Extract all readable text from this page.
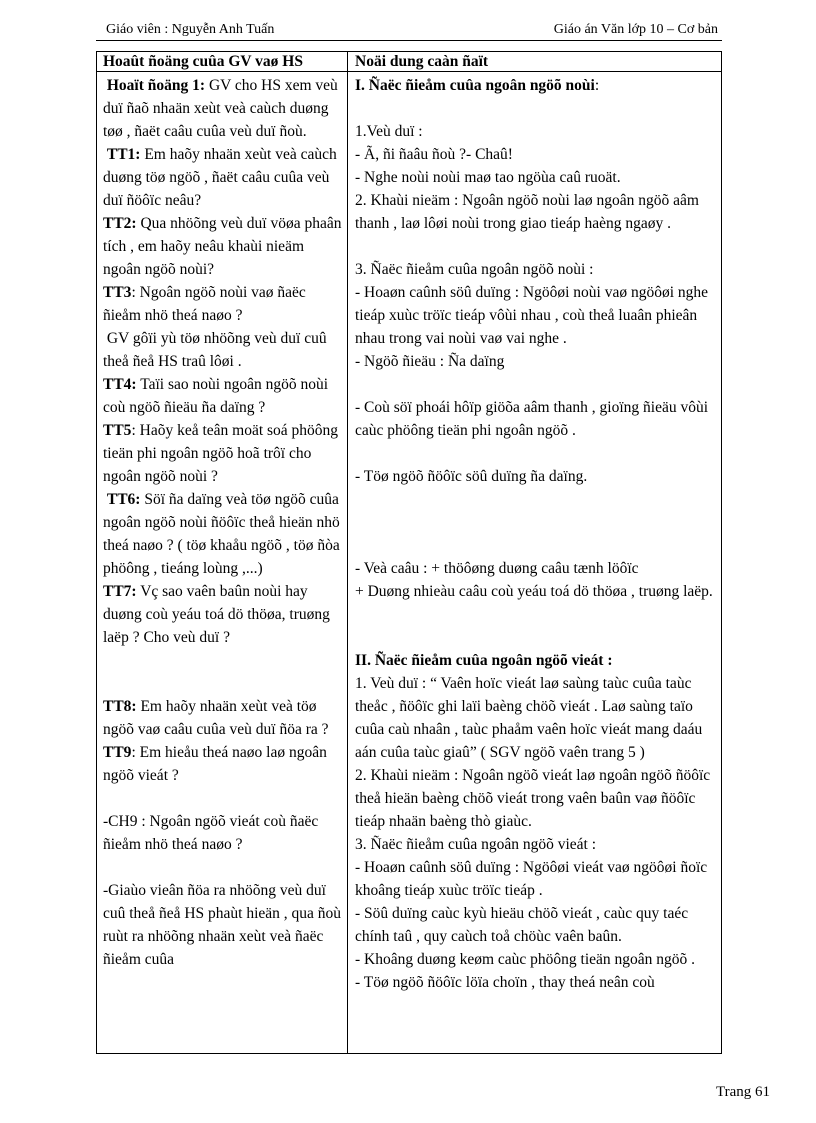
Giáo viên : Nguyễn Anh Tuấn	Giáo án Văn lớp 10 – Cơ bản
Hoaût ñoäng cuûa GV vaø HS	Noäi dung caàn ñaït

Hoaït ñoäng 1: GV cho HS xem veù duï ñaõ nhaän xeùt veà caùch duøng tøø , ñaët caâu cuûa veù duï ñoù.

TT1: Em haõy nhaän xeùt veà caùch duøng töø ngöõ , ñaët caâu cuûa veù duï ñöôïc neâu?

TT2: Qua nhöõng veù duï vöøa phaân tích , em haõy neâu khaùi nieäm ngoân ngöõ noùi?

TT3: Ngoân ngöõ noùi vaø ñaëc ñieåm nhö theá naøo ?

GV gôïi yù töø nhöõng veù duï cuû theå ñeå HS traû lôøi .

TT4: Taïi sao noùi ngoân ngöõ noùi coù ngöõ ñieäu ña daïng ?

TT5: Haõy keå teân moät soá phöông tieän phi ngoân ngöõ hoã trôï cho ngoân ngöõ noùi ?

TT6: Söï ña daïng veà töø ngöõ cuûa ngoân ngöõ noùi ñöôïc theå hieän nhö theá naøo ? ( töø khaåu ngöõ , töø ñòa phöông , tieáng loùng ,...)

TT7: Vç sao vaên baûn noùi hay duøng coù yeáu toá dö thöøa, truøng laëp ? Cho veù duï ?

TT8: Em haõy nhaän xeùt veà töø ngöõ vaø caâu cuûa veù duï ñöa ra ?

TT9: Em hieåu theá naøo laø ngoân ngöõ vieát ?

-CH9 : Ngoân ngöõ vieát coù ñaëc ñieåm nhö theá naøo ?

-Giaùo vieân ñöa ra nhöõng veù duï cuû theå ñeå HS phaùt hieän , qua ñoù ruùt ra nhöõng nhaän xeùt veà ñaëc ñieåm cuûa

I. Ñaëc ñieåm cuûa ngoân ngöõ noùi:

1.Veù duï :

- Ã, ñi ñaâu ñoù ?- Chaû!

- Nghe noùi noùi maø tao ngöùa caû ruoät.

2. Khaùi nieäm : Ngoân ngöõ noùi laø ngoân ngöõ aâm thanh , laø lôøi noùi trong giao tieáp haèng ngaøy .

3. Ñaëc ñieåm cuûa ngoân ngöõ noùi :

- Hoaøn caûnh söû duïng : Ngöôøi noùi vaø ngöôøi nghe tieáp xuùc tröïc tieáp vôùi nhau , coù theå luaân phieân nhau trong vai noùi vaø vai nghe .

- Ngöõ ñieäu : Ña daïng

- Coù söï phoái hôïp giöõa aâm thanh , gioïng ñieäu vôùi caùc phöông tieän phi ngoân ngöõ .

- Töø ngöõ ñöôïc söû duïng ña daïng.

- Veà caâu : + thöôøng duøng caâu tænh löôïc

+ Duøng nhieàu caâu coù yeáu toá dö thöøa , truøng laëp.

II. Ñaëc ñieåm cuûa ngoân ngöõ vieát :

1. Veù duï : “ Vaên hoïc vieát laø saùng taùc cuûa taùc theåc , ñöôïc ghi laïi baèng chöõ vieát . Laø saùng taïo cuûa caù nhaân , taùc phaåm vaên hoïc vieát mang daáu aán cuûa taùc giaû” ( SGV ngöõ vaên trang 5 )

2. Khaùi nieäm : Ngoân ngöõ vieát laø ngoân ngöõ ñöôïc theå hieän baèng chöõ vieát trong vaên baûn vaø ñöôïc tieáp nhaän baèng thò giaùc.

3. Ñaëc ñieåm cuûa ngoân ngöõ vieát :

- Hoaøn caûnh söû duïng : Ngöôøi vieát vaø ngöôøi ñoïc khoâng tieáp xuùc tröïc tieáp .

- Söû duïng caùc kyù hieäu chöõ vieát , caùc quy taéc chính taû , quy caùch toå chöùc vaên baûn.

- Khoâng duøng keøm caùc phöông tieän ngoân ngöõ .

- Töø ngöõ ñöôïc löïa choïn , thay theá neân coù

Trang 61
